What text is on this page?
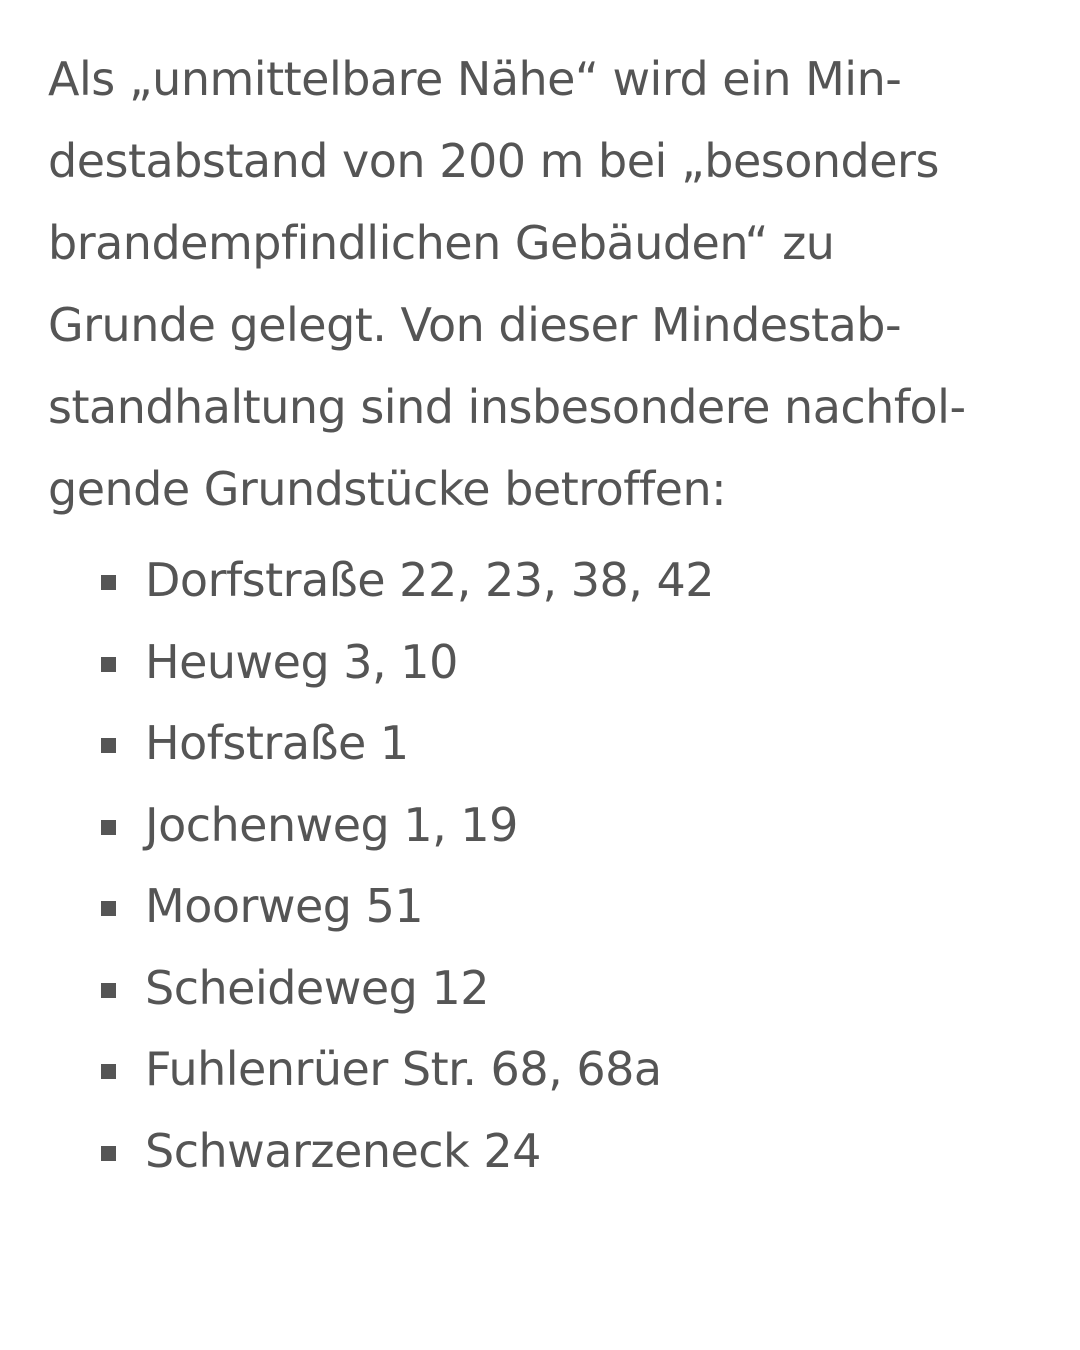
Als „unmittelbare Nähe“ wird ein Min-
destabstand von 200 m bei „besonders
brandempfindlichen Gebäuden“ zu
Grunde gelegt. Von dieser Mindestab-
standhaltung sind insbesondere nachfol-
gende Grundstücke betroffen:

Dorfstraße 22, 23, 38, 42
Heuweg 3, 10
Hofstraße 1
Jochenweg 1, 19
Moorweg 51
Scheideweg 12
Fuhlenrüer Str. 68, 68a
Schwarzeneck 24
